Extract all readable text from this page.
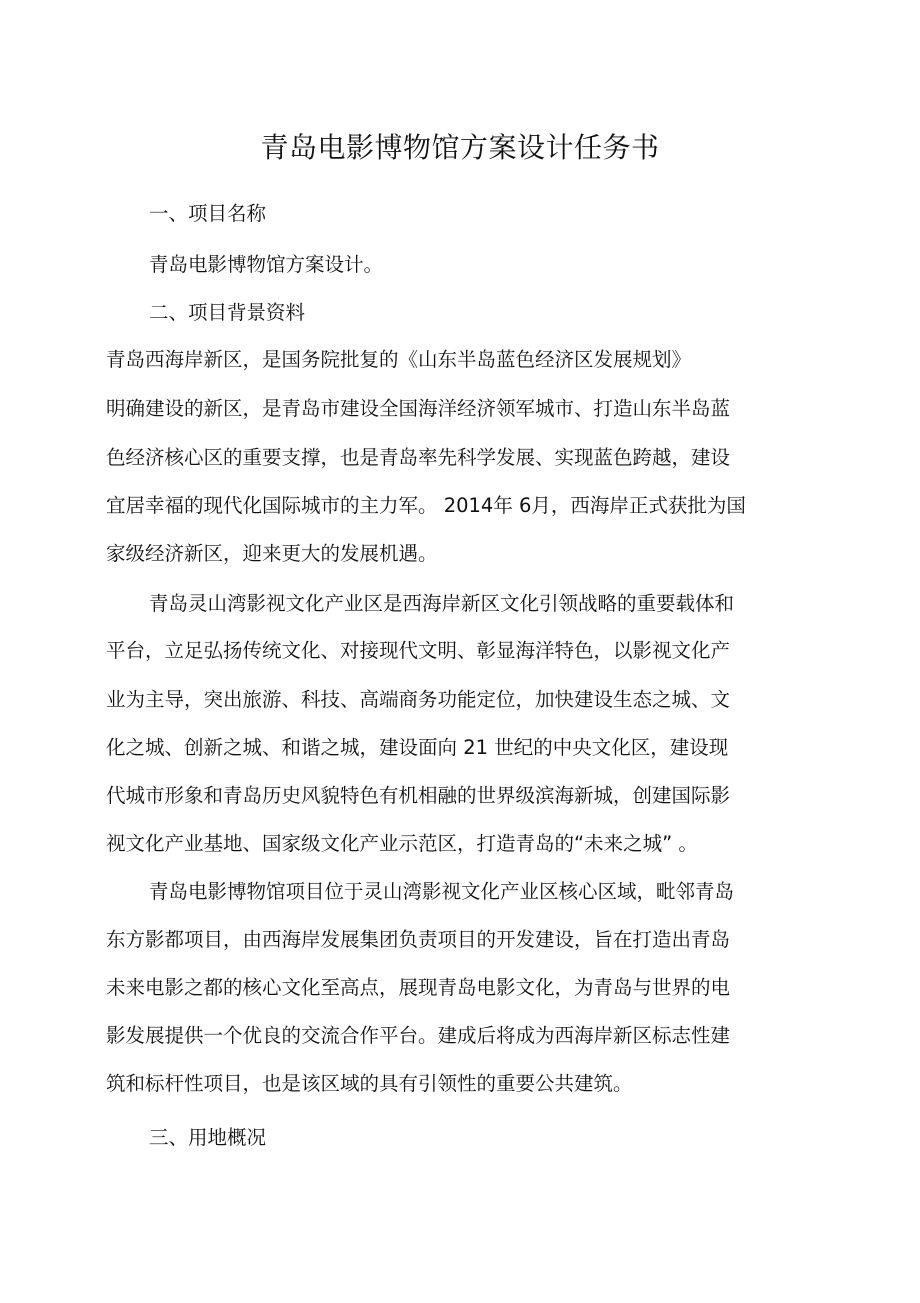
青岛电影博物馆方案设计任务书
一、项目名称
青岛电影博物馆方案设计。
二、项目背景资料
青岛西海岸新区，是国务院批复的《山东半岛蓝色经济区发展规划》
明确建设的新区，是青岛市建设全国海洋经济领军城市、打造山东半岛蓝
色经济核心区的重要支撑，也是青岛率先科学发展、实现蓝色跨越，建设
宜居幸福的现代化国际城市的主力军。 2014年 6月，西海岸正式获批为国
家级经济新区，迎来更大的发展机遇。
青岛灵山湾影视文化产业区是西海岸新区文化引领战略的重要载体和
平台，立足弘扬传统文化、对接现代文明、彰显海洋特色，以影视文化产
业为主导，突出旅游、科技、高端商务功能定位，加快建设生态之城、文
化之城、创新之城、和谐之城，建设面向 21 世纪的中央文化区，建设现
代城市形象和青岛历史风貌特色有机相融的世界级滨海新城，创建国际影
视文化产业基地、国家级文化产业示范区，打造青岛的“未来之城” 。
青岛电影博物馆项目位于灵山湾影视文化产业区核心区域，毗邻青岛
东方影都项目，由西海岸发展集团负责项目的开发建设，旨在打造出青岛
未来电影之都的核心文化至高点，展现青岛电影文化，为青岛与世界的电
影发展提供一个优良的交流合作平台。建成后将成为西海岸新区标志性建
筑和标杆性项目，也是该区域的具有引领性的重要公共建筑。
三、用地概况
